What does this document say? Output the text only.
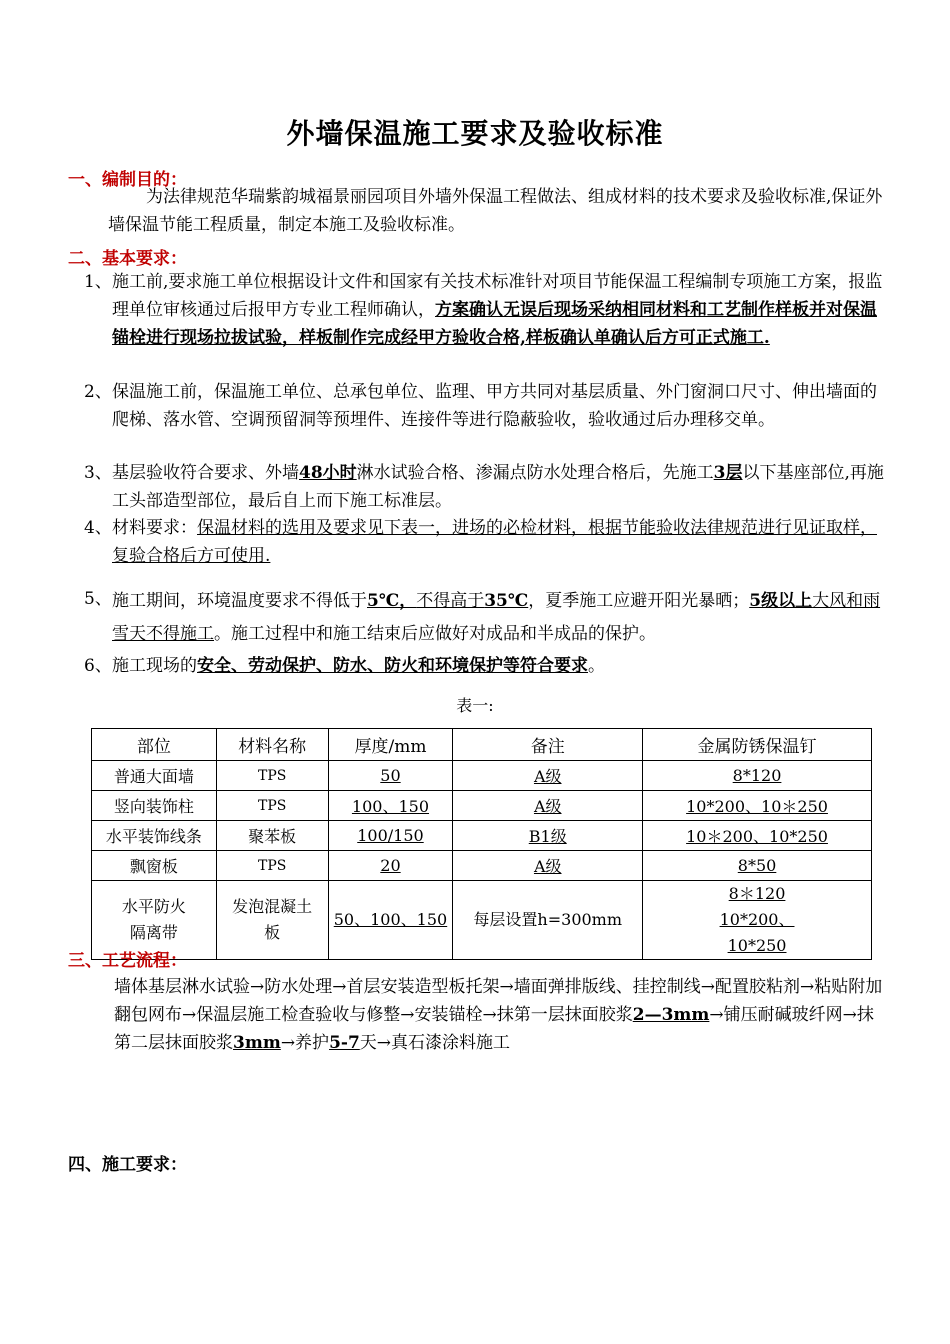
外墙保温施工要求及验收标准
一、编制目的：

为法律规范华瑞紫韵城福景丽园项目外墙外保温工程做法、组成材料的技术要求及验收标准,保证外墙保温节能工程质量，制定本施工及验收标准。

二、基本要求：
1、 施工前,要求施工单位根据设计文件和国家有关技术标准针对项目节能保温工程编制专项施工方案，报监理单位审核通过后报甲方专业工程师确认，方案确认无误后现场采纳相同材料和工艺制作样板并对保温锚栓进行现场拉拔试验，样板制作完成经甲方验收合格,样板确认单确认后方可正式施工.
2、 保温施工前，保温施工单位、总承包单位、监理、甲方共同对基层质量、外门窗洞口尺寸、伸出墙面的爬梯、落水管、空调预留洞等预埋件、连接件等进行隐蔽验收，验收通过后办理移交单。
3、 基层验收符合要求、外墙48小时淋水试验合格、渗漏点防水处理合格后，先施工3层以下基座部位,再施工头部造型部位，最后自上而下施工标准层。
4、 材料要求：保温材料的选用及要求见下表一，进场的必检材料，根据节能验收法律规范进行见证取样，复验合格后方可使用.
5、 施工期间，环境温度要求不得低于5℃，不得高于35℃，夏季施工应避开阳光暴晒；5级以上大风和雨雪天不得施工。施工过程中和施工结束后应做好对成品和半成品的保护。
6、 施工现场的安全、劳动保护、防水、防火和环境保护等符合要求。

表一:

部位	材料名称	厚度/mm	备注	金属防锈保温钉
普通大面墙	TPS	50	A级	8*120
竖向装饰柱	TPS	100、150	A级	10*200、10＊250
水平装饰线条	聚苯板	100/150	B1级	10＊200、10*250
飘窗板	TPS	20	A级	8*50
水平防火隔离带	发泡混凝土板	50、100、150	每层设置h=300mm	8＊120 10*200、10*250
三、工艺流程：

墙体基层淋水试验→防水处理→首层安装造型板托架→墙面弹排版线、挂控制线→配置胶粘剂→粘贴附加翻包网布→保温层施工检查验收与修整→安装锚栓→抹第一层抹面胶浆2—3mm→铺压耐碱玻纤网→抹第二层抹面胶浆3mm→养护5-7天→真石漆涂料施工

四、施工要求：
